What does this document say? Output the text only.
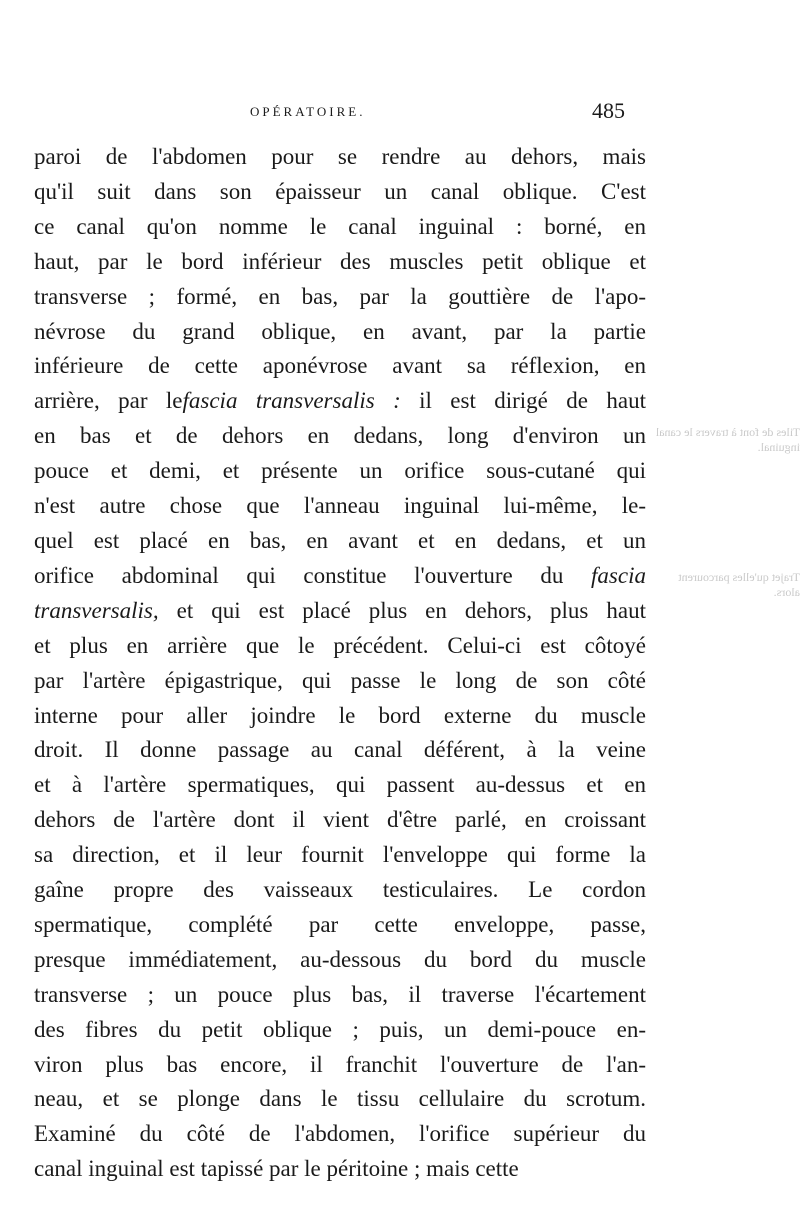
OPÉRATOIRE.	485
paroi de l'abdomen pour se rendre au dehors, mais
qu'il suit dans son épaisseur un canal oblique. C'est
ce canal qu'on nomme le canal inguinal : borné, en
haut, par le bord inférieur des muscles petit oblique et
transverse ; formé, en bas, par la gouttière de l'apo-
névrose du grand oblique, en avant, par la partie
inférieure de cette aponévrose avant sa réflexion, en
arrière, par lefascia transversalis : il est dirigé de haut
en bas et de dehors en dedans, long d'environ un
pouce et demi, et présente un orifice sous-cutané qui
n'est autre chose que l'anneau inguinal lui-même, le-
quel est placé en bas, en avant et en dedans, et un
orifice abdominal qui constitue l'ouverture du fascia
transversalis, et qui est placé plus en dehors, plus haut
et plus en arrière que le précédent. Celui-ci est côtoyé
par l'artère épigastrique, qui passe le long de son côté
interne pour aller joindre le bord externe du muscle
droit. Il donne passage au canal déférent, à la veine
et à l'artère spermatiques, qui passent au-dessus et en
dehors de l'artère dont il vient d'être parlé, en croissant
sa direction, et il leur fournit l'enveloppe qui forme la
gaîne propre des vaisseaux testiculaires. Le cordon
spermatique, complété par cette enveloppe, passe,
presque immédiatement, au-dessous du bord du muscle
transverse ; un pouce plus bas, il traverse l'écartement
des fibres du petit oblique ; puis, un demi-pouce en-
viron plus bas encore, il franchit l'ouverture de l'an-
neau, et se plonge dans le tissu cellulaire du scrotum.
Examiné du côté de l'abdomen, l'orifice supérieur du
canal inguinal est tapissé par le péritoine ; mais cette
Tiles de font à travers le canal inguinal.
Trajet qu'elles parcourent alors.
